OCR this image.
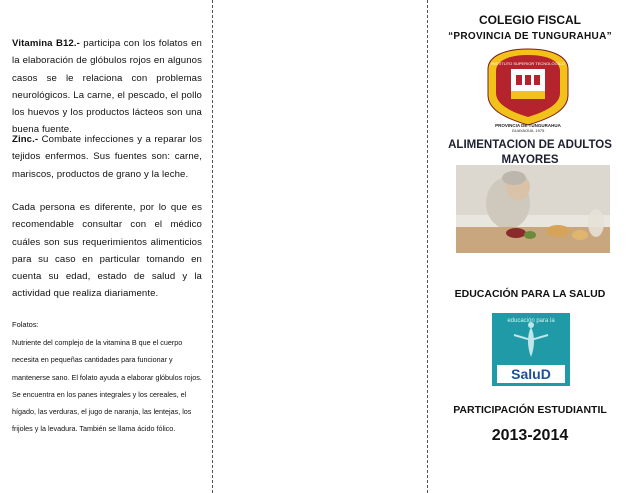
Vitamina B12.- participa con los folatos en la elaboración de glóbulos rojos en algunos casos se le relaciona con problemas neurológicos. La carne, el pescado, el pollo los huevos y los productos lácteos son una buena fuente.

Zinc.- Combate infecciones y a reparar los tejidos enfermos. Sus fuentes son: carne, mariscos, productos de grano y la leche.

Cada persona es diferente, por lo que es recomendable consultar con el médico cuáles son sus requerimientos alimenticios para su caso en particular tomando en cuenta su edad, estado de salud y la actividad que realiza diariamente.

Folatos:

Nutriente del complejo de la vitamina B que el cuerpo necesita en pequeñas cantidades para funcionar y mantenerse sano. El folato ayuda a elaborar glóbulos rojos. Se encuentra en los panes integrales y los cereales, el hígado, las verduras, el jugo de naranja, las lentejas, los frijoles y la levadura. También se llama ácido fólico.

COLEGIO FISCAL
“PROVINCIA DE TUNGURAHUA”
INSTITUTO SUPERIOR TECNOLÓGICO
PROVINCIA DE TUNGURAHUA
GUAYAQUIL 1975
ALIMENTACION DE ADULTOS MAYORES
EDUCACIÓN PARA LA SALUD
educación para la
SaluD
PARTICIPACIÓN ESTUDIANTIL
2013-2014
